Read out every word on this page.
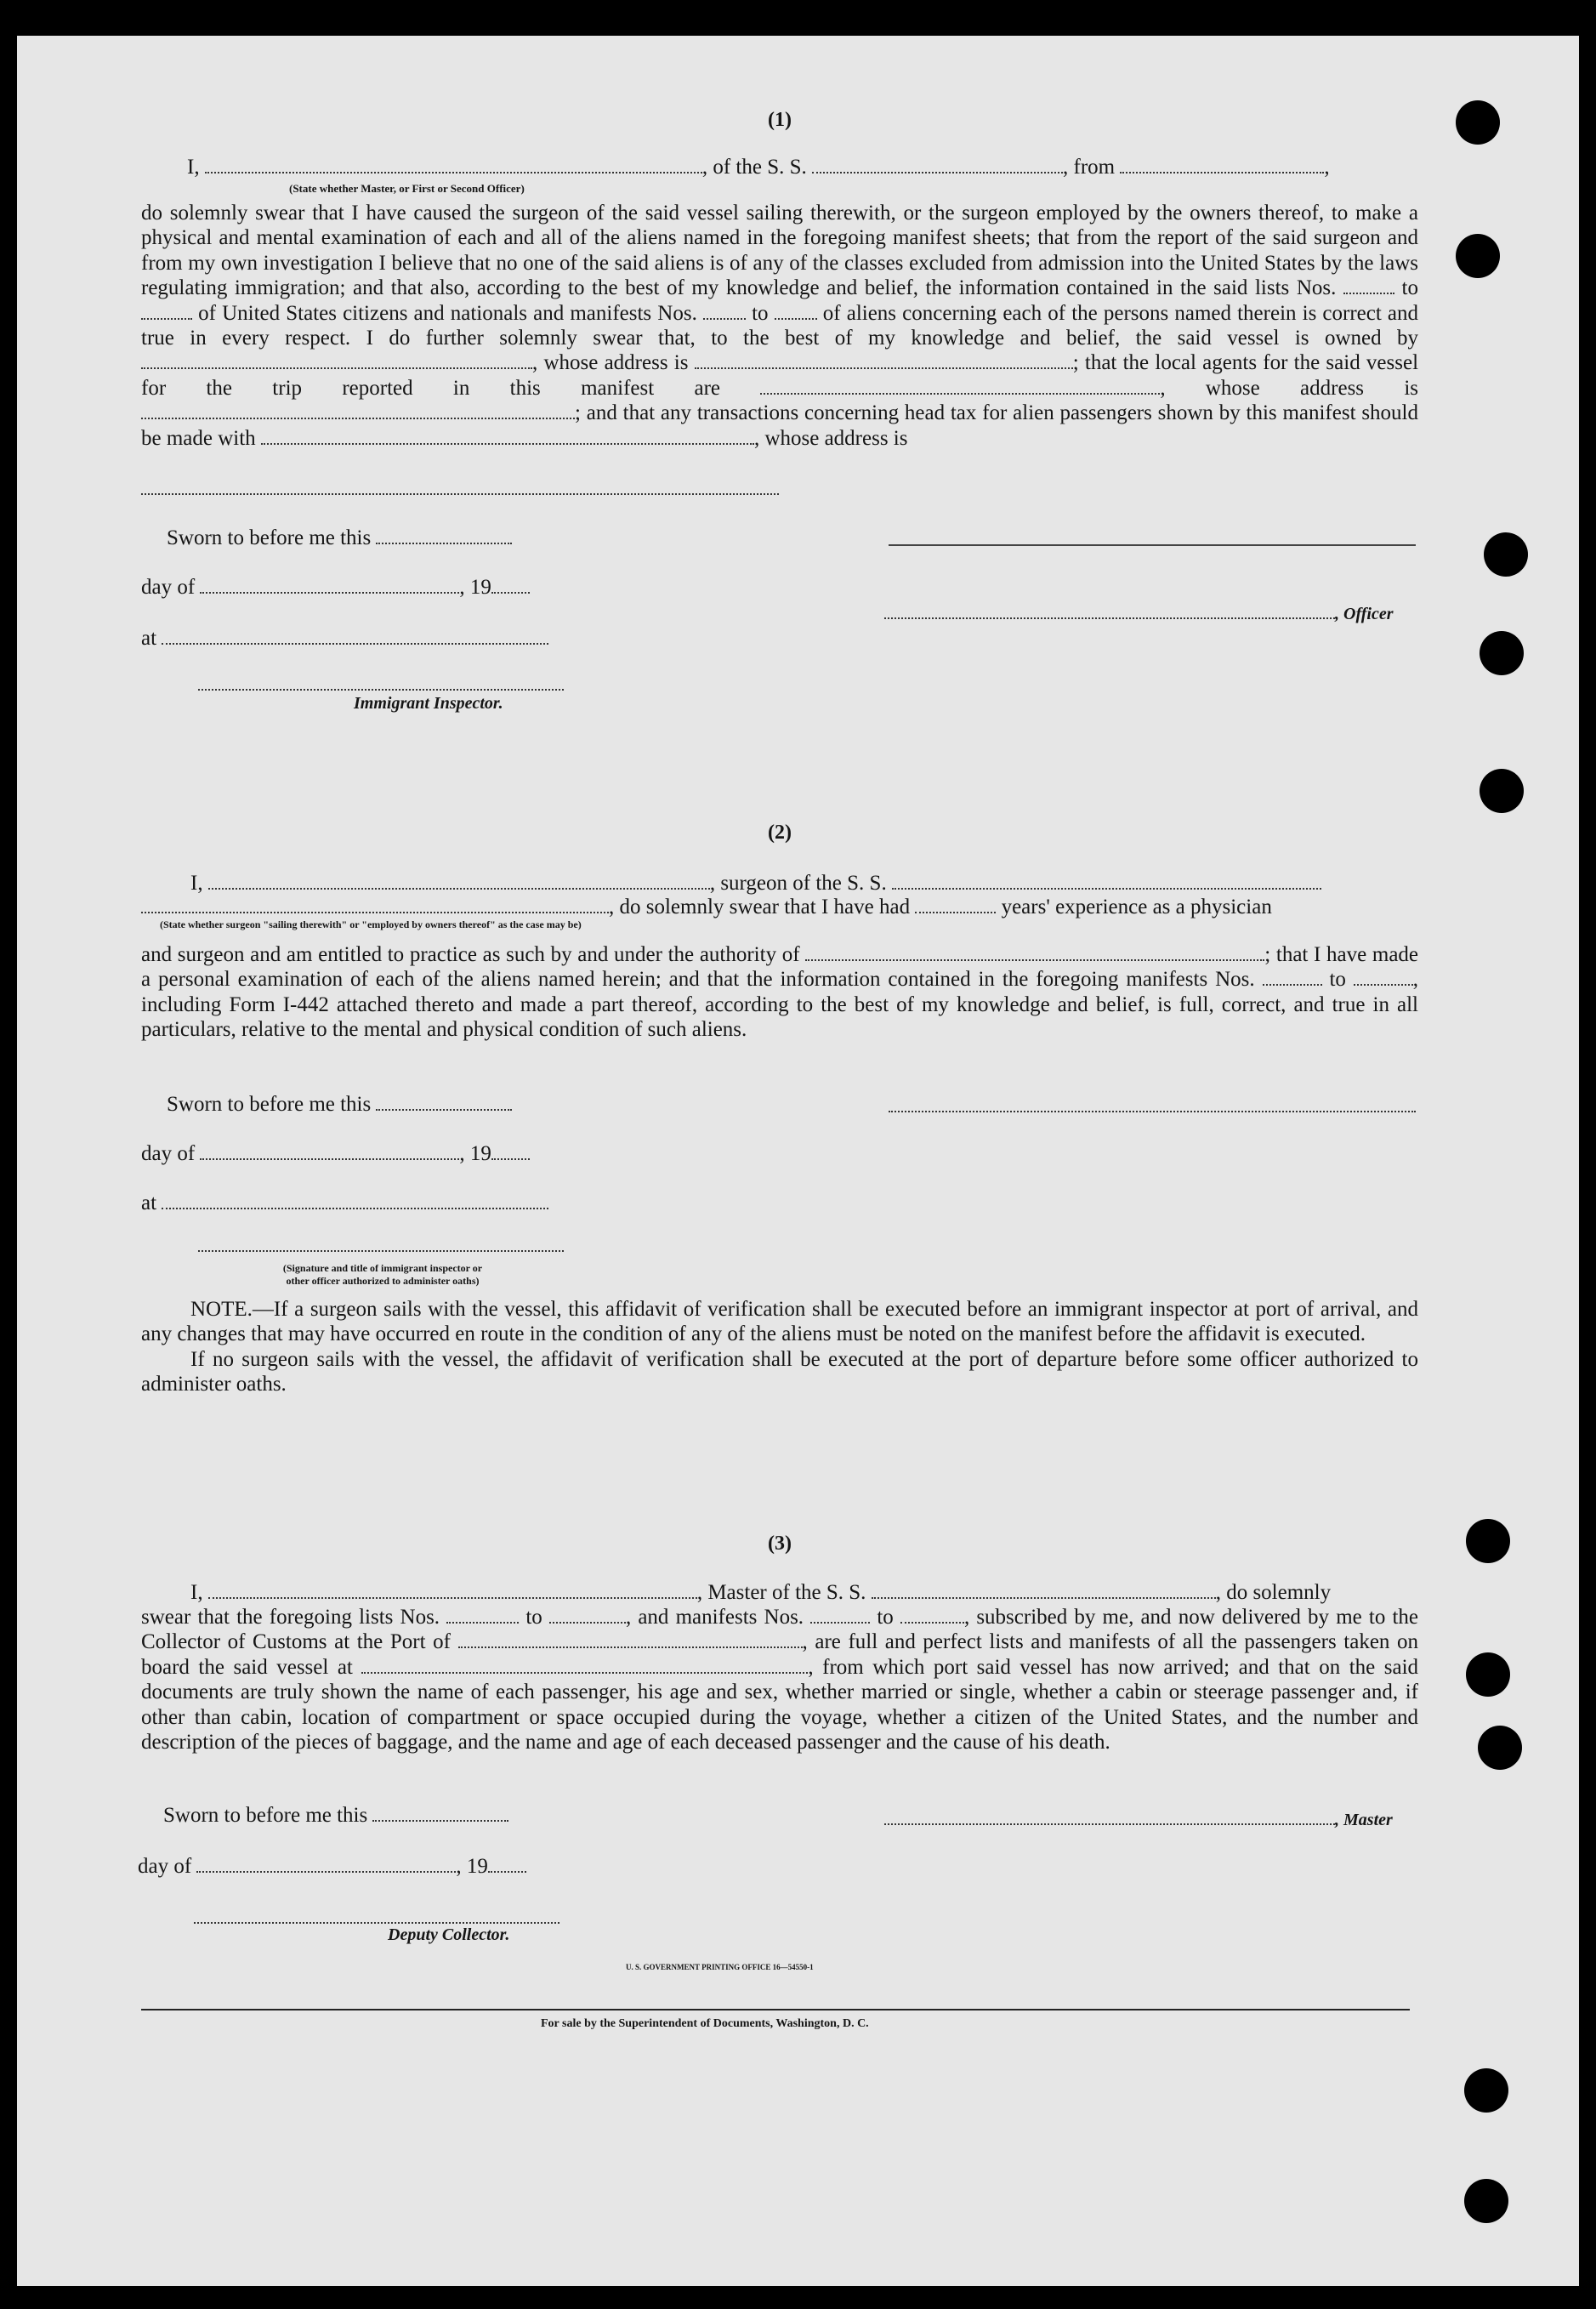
(1)
I,	, of the S. S.	, from	,
(State whether Master, or First or Second Officer)

do solemnly swear that I have caused the surgeon of the said vessel sailing therewith, or the surgeon employed by the owners thereof, to make a physical and mental examination of each and all of the aliens named in the foregoing manifest sheets; that from the report of the said surgeon and from my own investigation I believe that no one of the said aliens is of any of the classes excluded from admission into the United States by the laws regulating immigration; and that also, according to the best of my knowledge and belief, the information contained in the said lists Nos.	to  of United States citizens and nationals and manifests Nos.	to	of aliens concerning each of the persons named therein is correct and true in every respect. I do further solemnly swear that, to the best of my knowledge and belief, the said vessel is owned by , whose address is	; that the local agents for the said vessel for the trip reported in this manifest are	, whose address is ; and that any transactions concerning head tax for alien passengers shown by this manifest should be made with	, whose address is

Sworn to before me this
day of	, 19
, Officer
at
Immigrant Inspector.
(2)
I,	, surgeon of the S. S.
, do solemnly swear that I have had	years' experience as a physician
(State whether surgeon "sailing therewith" or "employed by owners thereof" as the case may be)

and surgeon and am entitled to practice as such by and under the authority of	; that I have made a personal examination of each of the aliens named herein; and that the information contained in the foregoing manifests Nos.	to	, including Form I-442 attached thereto and made a part thereof, according to the best of my knowledge and belief, is full, correct, and true in all particulars, relative to the mental and physical condition of such aliens.

Sworn to before me this
day of	, 19
at
(Signature and title of immigrant inspector or
other officer authorized to administer oaths)

NOTE.—If a surgeon sails with the vessel, this affidavit of verification shall be executed before an immigrant inspector at port of arrival, and any changes that may have occurred en route in the condition of any of the aliens must be noted on the manifest before the affidavit is executed.

If no surgeon sails with the vessel, the affidavit of verification shall be executed at the port of departure before some officer authorized to administer oaths.

(3)
I,	, Master of the S. S.	, do solemnly

swear that the foregoing lists Nos.	to	, and manifests Nos.	to	, subscribed by me, and now delivered by me to the Collector of Customs at the Port of	, are full and perfect lists and manifests of all the passengers taken on board the said vessel at	, from which port said vessel has now arrived; and that on the said documents are truly shown the name of each passenger, his age and sex, whether married or single, whether a cabin or steerage passenger and, if other than cabin, location of compartment or space occupied during the voyage, whether a citizen of the United States, and the number and description of the pieces of baggage, and the name and age of each deceased passenger and the cause of his death.

Sworn to before me this	, Master
day of	, 19
Deputy Collector.
U. S. GOVERNMENT PRINTING OFFICE 16—54550-1
For sale by the Superintendent of Documents, Washington, D. C.
